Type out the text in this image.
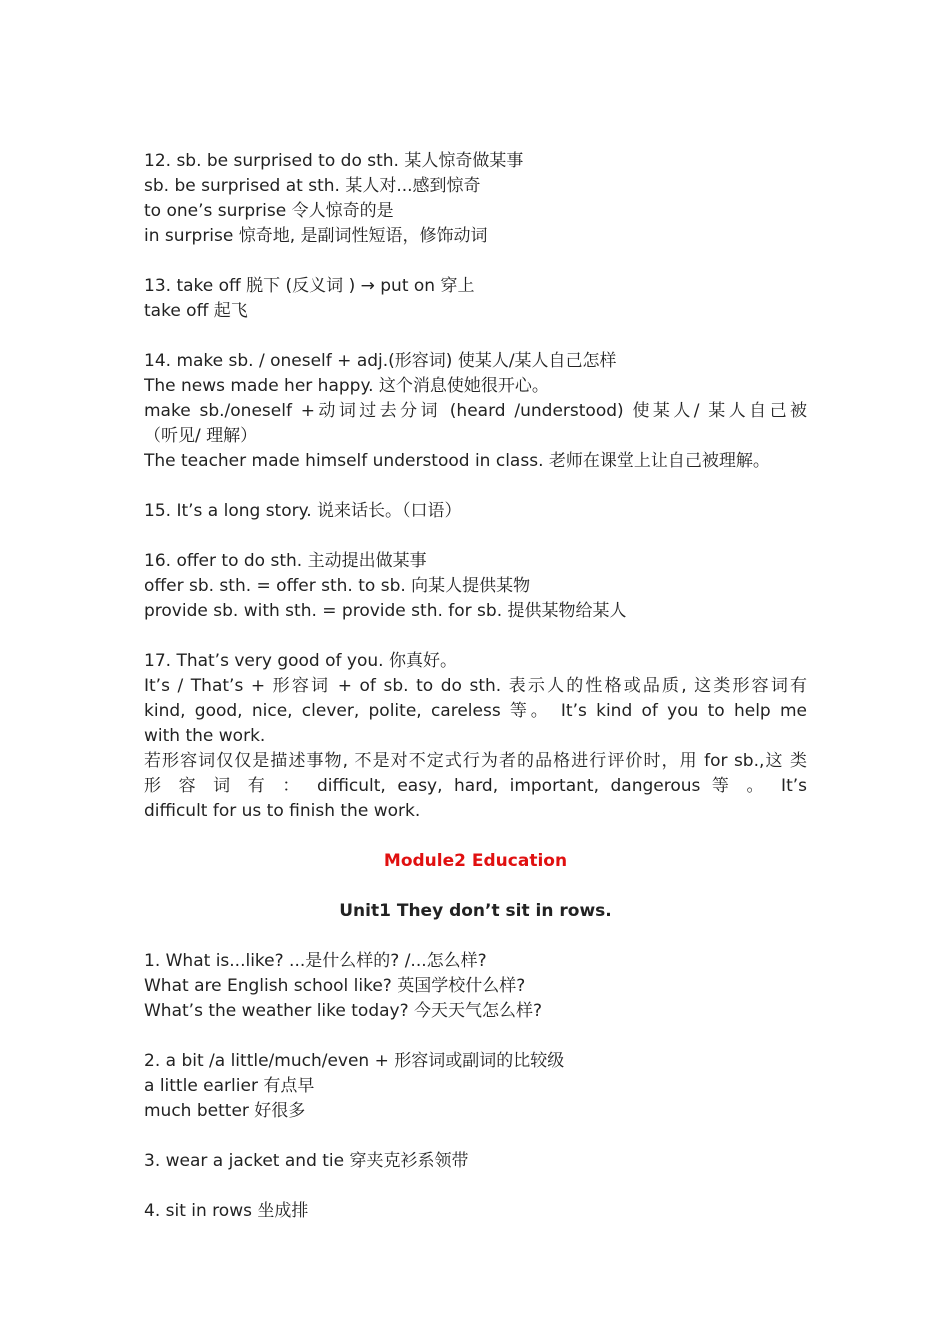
12. sb. be surprised to do sth. 某人惊奇做某事
sb. be surprised at sth. 某人对...感到惊奇
to one’s surprise 令人惊奇的是
in surprise 惊奇地, 是副词性短语，修饰动词
13. take off 脱下 (反义词 ) → put on 穿上
take off 起飞
14. make sb. / oneself + adj.(形容词) 使某人/某人自己怎样
The news made her happy. 这个消息使她很开心。
make sb./oneself +动词过去分词 (heard /understood) 使某人/ 某人自己被
（听见/ 理解）
The teacher made himself understood in class. 老师在课堂上让自己被理解。
15. It’s a long story. 说来话长。（口语）
16. offer to do sth. 主动提出做某事
offer sb. sth. = offer sth. to sb. 向某人提供某物
provide sb. with sth. = provide sth. for sb. 提供某物给某人
17. That’s very good of you. 你真好。
It’s / That’s + 形容词 + of sb. to do sth. 表示人的性格或品质, 这类形容词有
kind, good, nice, clever, polite, careless 等。 It’s kind of you to help me
with the work.
若形容词仅仅是描述事物, 不是对不定式行为者的品格进行评价时，用 for sb.,这 类
形 容 词 有 ： difficult, easy, hard, important, dangerous 等 。 It’s
difficult for us to finish the work.
Module2 Education
Unit1 They don’t sit in rows.
1. What is...like? ...是什么样的? /...怎么样?
What are English school like? 英国学校什么样?
What’s the weather like today? 今天天气怎么样?
2. a bit /a little/much/even + 形容词或副词的比较级
a little earlier 有点早
much better 好很多
3. wear a jacket and tie 穿夹克衫系领带
4. sit in rows 坐成排
